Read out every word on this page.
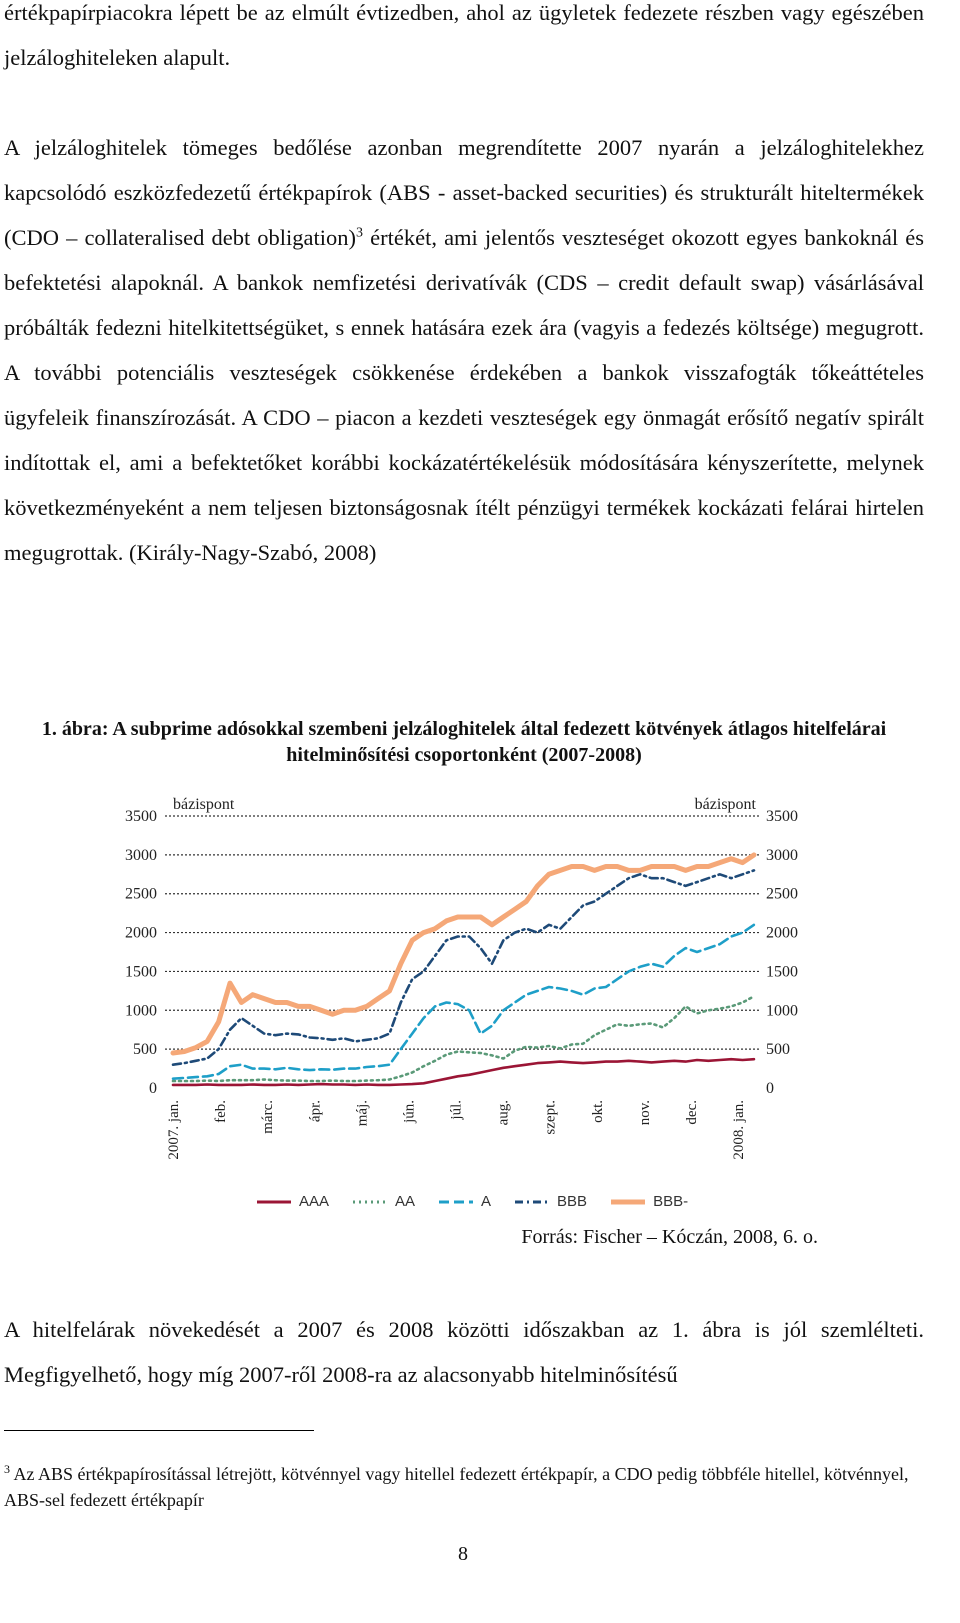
értékpapírpiacokra lépett be az elmúlt évtizedben, ahol az ügyletek fedezete részben vagy egészében jelzáloghiteleken alapult.

A jelzáloghitelek tömeges bedőlése azonban megrendítette 2007 nyarán a jelzáloghitelekhez kapcsolódó eszközfedezetű értékpapírok (ABS - asset-backed securities) és strukturált hiteltermékek (CDO – collateralised debt obligation)$^3$ értékét, ami jelentős veszteséget okozott egyes bankoknál és befektetési alapoknál. A bankok nemfizetési derivatívák (CDS – credit default swap) vásárlásával próbálták fedezni hitelkitettségüket, s ennek hatására ezek ára (vagyis a fedezés költsége) megugrott. A további potenciális veszteségek csökkenése érdekében a bankok visszafogták tőkeáttételes ügyfeleik finanszírozását. A CDO – piacon a kezdeti veszteségek egy önmagát erősítő negatív spirált indítottak el, ami a befektetőket korábbi kockázatértékelésük módosítására kényszerítette, melynek következményeként a nem teljesen biztonságosnak ítélt pénzügyi termékek kockázati felárai hirtelen megugrottak. (Király-Nagy-Szabó, 2008)

1. ábra: A subprime adósokkal szembeni jelzáloghitelek által fedezett kötvények átlagos hitelfelárai
hitelminősítési csoportonként (2007-2008)
0	0
500	500
1000	1000
1500	1500
2000	2000
2500	2500
3000	3000
3500	3500
bázispont	bázispont
2007. jan. feb. márc. ápr. máj. jún. júl. aug. szept. okt. nov. dec. 2008. jan.
AAA	AA	A	BBB	BBB-
Forrás: Fischer – Kóczán, 2008, 6. o.

A hitelfelárak növekedését a 2007 és 2008 közötti időszakban az 1. ábra is jól szemlélteti. Megfigyelhető, hogy míg 2007-ről 2008-ra az alacsonyabb hitelminősítésű

$^3$ Az ABS értékpapírosítással létrejött, kötvénnyel vagy hitellel fedezett értékpapír, a CDO pedig többféle hitellel, kötvénnyel, ABS-sel fedezett értékpapír

8
